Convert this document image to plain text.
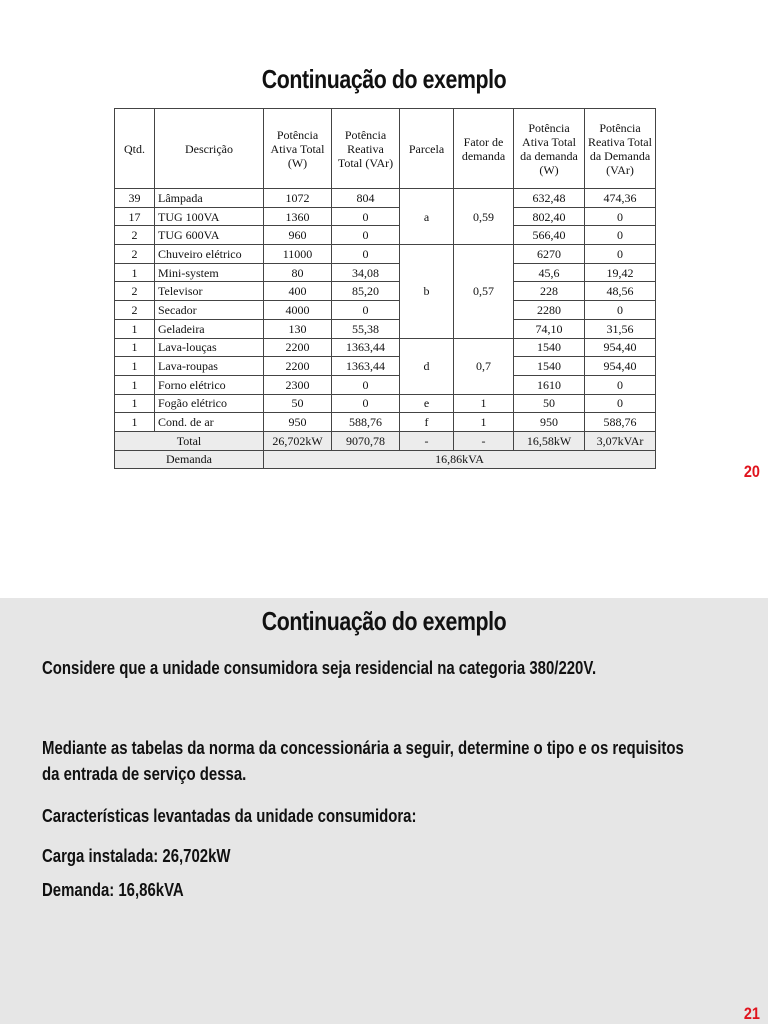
Continuação do exemplo
Qtd.	Descrição	Potência Ativa Total (W)	Potência Reativa Total (VAr)	Parcela	Fator de demanda	Potência Ativa Total da demanda (W)	Potência Reativa Total da Demanda (VAr)
39	Lâmpada	1072	804	a	0,59	632,48	474,36
17	TUG 100VA	1360	0			802,40	0
2	TUG 600VA	960	0			566,40	0
2	Chuveiro elétrico	11000	0	b	0,57	6270	0
1	Mini-system	80	34,08			45,6	19,42
2	Televisor	400	85,20			228	48,56
2	Secador	4000	0			2280	0
1	Geladeira	130	55,38			74,10	31,56
1	Lava-louças	2200	1363,44	d	0,7	1540	954,40
1	Lava-roupas	2200	1363,44			1540	954,40
1	Forno elétrico	2300	0			1610	0
1	Fogão elétrico	50	0	e	1	50	0
1	Cond. de ar	950	588,76	f	1	950	588,76
Total		26,702kW	9070,78	-	-	16,58kW	3,07kVAr
Demanda		16,86kVA					
20
Continuação do exemplo
Considere que a unidade consumidora seja residencial na categoria 380/220V.
Mediante as tabelas da norma da concessionária a seguir, determine o tipo e os requisitos
da entrada de serviço dessa.
Características levantadas da unidade consumidora:
Carga instalada: 26,702kW
Demanda: 16,86kVA
21
